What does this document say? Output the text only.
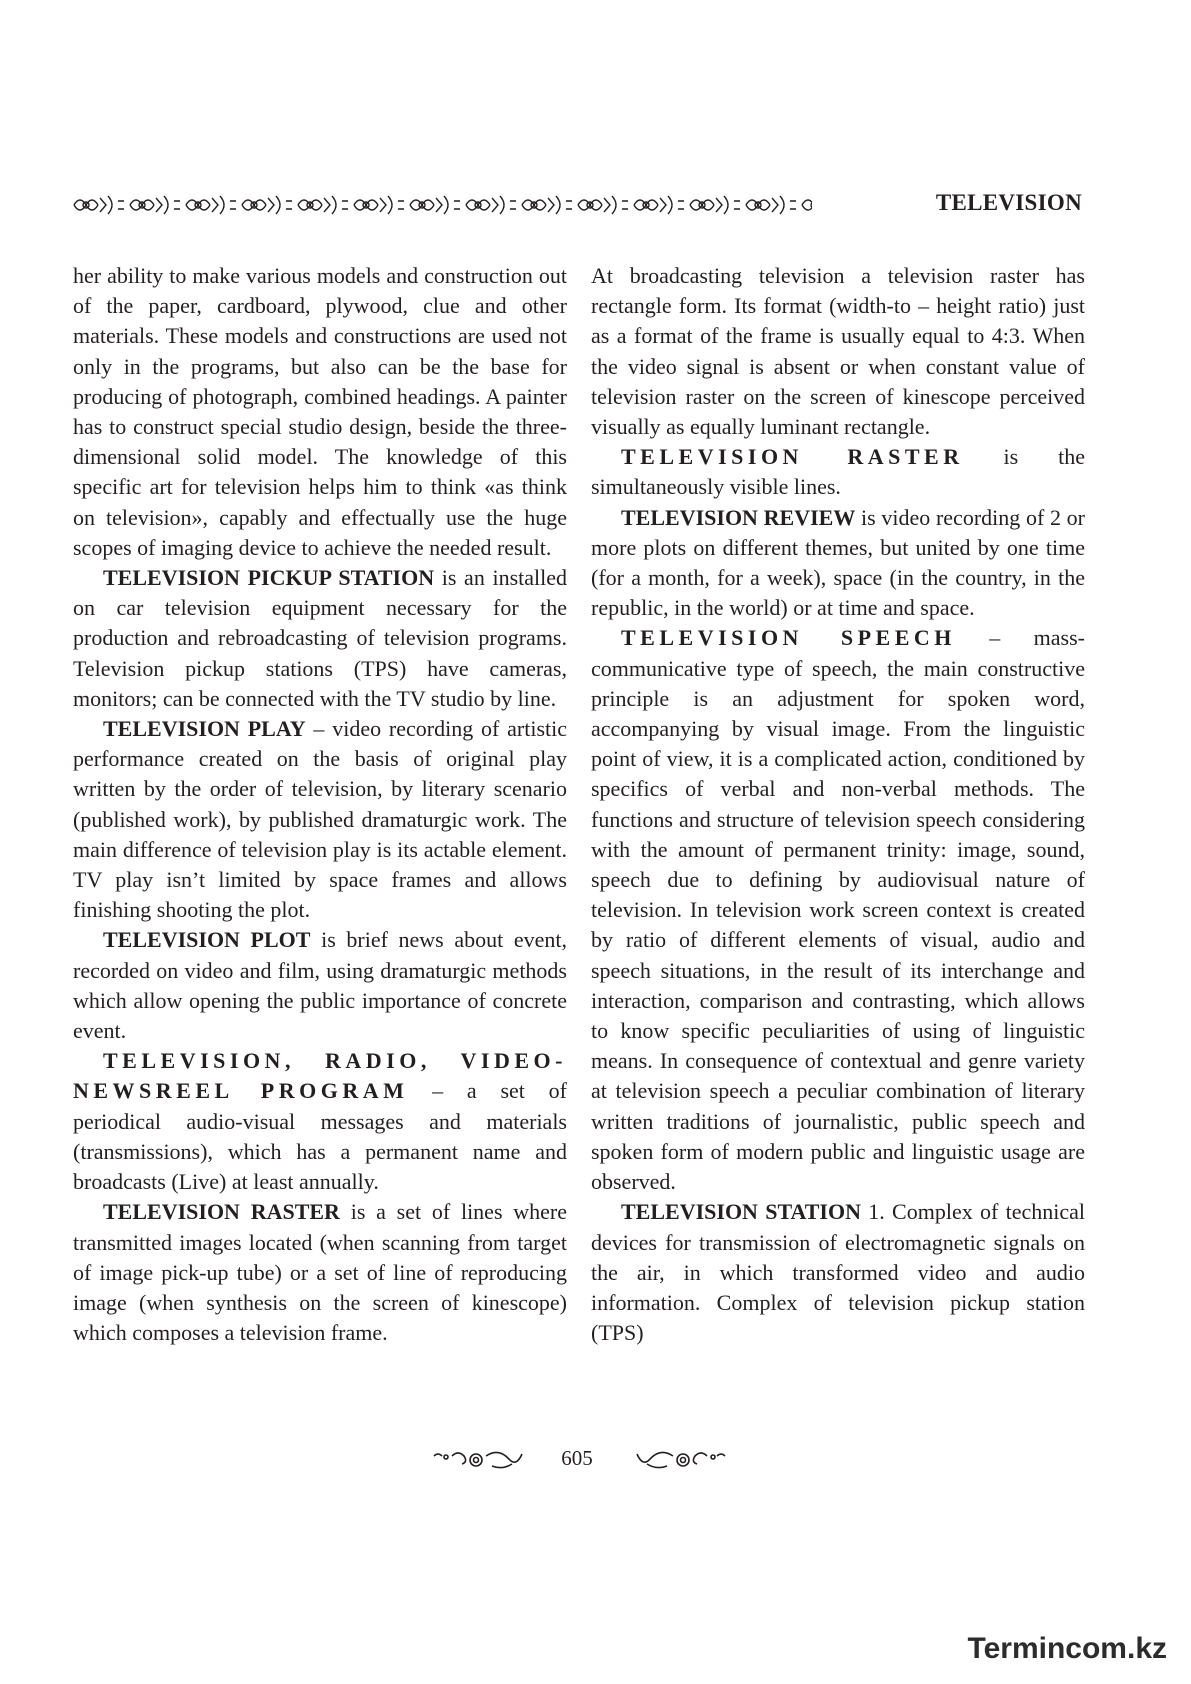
TELEVISION

her ability to make various models and construction out of the paper, cardboard, plywood, clue and other materials. These models and constructions are used not only in the programs, but also can be the base for producing of photograph, combined headings. A painter has to construct special studio design, beside the three-dimensional solid model. The knowledge of this specific art for television helps him to think «as think on television», capably and effectually use the huge scopes of imaging device to achieve the needed result.

TELEVISION PICKUP STATION is an installed on car television equipment necessary for the production and rebroadcasting of television programs. Television pickup stations (TPS) have cameras, monitors; can be connected with the TV studio by line.

TELEVISION PLAY – video recording of artistic performance created on the basis of original play written by the order of television, by literary scenario (published work), by published dramaturgic work. The main difference of television play is its actable element. TV play isn’t limited by space frames and allows finishing shooting the plot.

TELEVISION PLOT is brief news about event, recorded on video and film, using dramaturgic methods which allow opening the public importance of concrete event.

TELEVISION, RADIO, VIDEO-NEWSREEL PROGRAM – a set of periodical audio-visual messages and materials (transmissions), which has a permanent name and broadcasts (Live) at least annually.

TELEVISION RASTER is a set of lines where transmitted images located (when scanning from target of image pick-up tube) or a set of line of reproducing image (when synthesis on the screen of kinescope) which composes a television frame.

At broadcasting television a television raster has rectangle form. Its format (width-to – height ratio) just as a format of the frame is usually equal to 4:3. When the video signal is absent or when constant value of television raster on the screen of kinescope perceived visually as equally luminant rectangle.

TELEVISION RASTER is the simultaneously visible lines.

TELEVISION REVIEW is video recording of 2 or more plots on different themes, but united by one time (for a month, for a week), space (in the country, in the republic, in the world) or at time and space.

TELEVISION SPEECH – mass-communicative type of speech, the main constructive principle is an adjustment for spoken word, accompanying by visual image. From the linguistic point of view, it is a complicated action, conditioned by specifics of verbal and non-verbal methods. The functions and structure of television speech considering with the amount of permanent trinity: image, sound, speech due to defining by audiovisual nature of television. In television work screen context is created by ratio of different elements of visual, audio and speech situations, in the result of its interchange and interaction, comparison and contrasting, which allows to know specific peculiarities of using of linguistic means. In consequence of contextual and genre variety at television speech a peculiar combination of literary written traditions of journalistic, public speech and spoken form of modern public and linguistic usage are observed.

TELEVISION STATION 1. Complex of technical devices for transmission of electromagnetic signals on the air, in which transformed video and audio information. Complex of television pickup station (TPS)

605
Termincom.kz
